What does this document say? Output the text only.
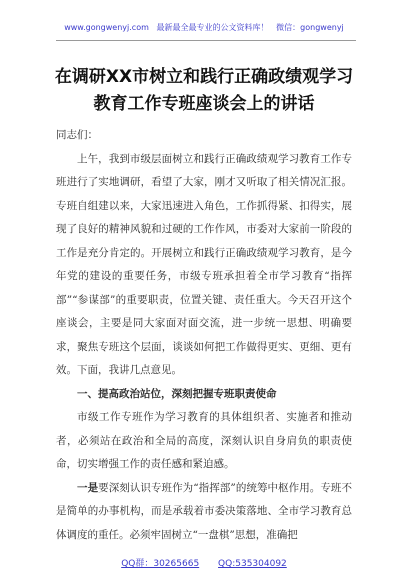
www.gongwenyj.com 最新最全最专业的公文资料库！ 微信：gongwenyj
在调研XX市树立和践行正确政绩观学习
教育工作专班座谈会上的讲话

同志们：

上午，我到市级层面树立和践行正确政绩观学习教育工作专班进行了实地调研，看望了大家，刚才又听取了相关情况汇报。专班自组建以来，大家迅速进入角色，工作抓得紧、扣得实，展现了良好的精神风貌和过硬的工作作风，市委对大家前一阶段的工作是充分肯定的。开展树立和践行正确政绩观学习教育，是今年党的建设的重要任务，市级专班承担着全市学习教育“指挥部”“参谋部”的重要职责，位置关键、责任重大。今天召开这个座谈会，主要是同大家面对面交流，进一步统一思想、明确要求，聚焦专班这个层面，谈谈如何把工作做得更实、更细、更有效。下面，我讲几点意见。

一、提高政治站位，深刻把握专班职责使命

市级工作专班作为学习教育的具体组织者、实施者和推动者，必须站在政治和全局的高度，深刻认识自身肩负的职责使命，切实增强工作的责任感和紧迫感。

一是要深刻认识专班作为“指挥部”的统筹中枢作用。专班不是简单的办事机构，而是承载着市委决策落地、全市学习教育总体调度的重任。必须牢固树立“一盘棋”思想，准确把

QQ群：30265665 QQ:535304092
